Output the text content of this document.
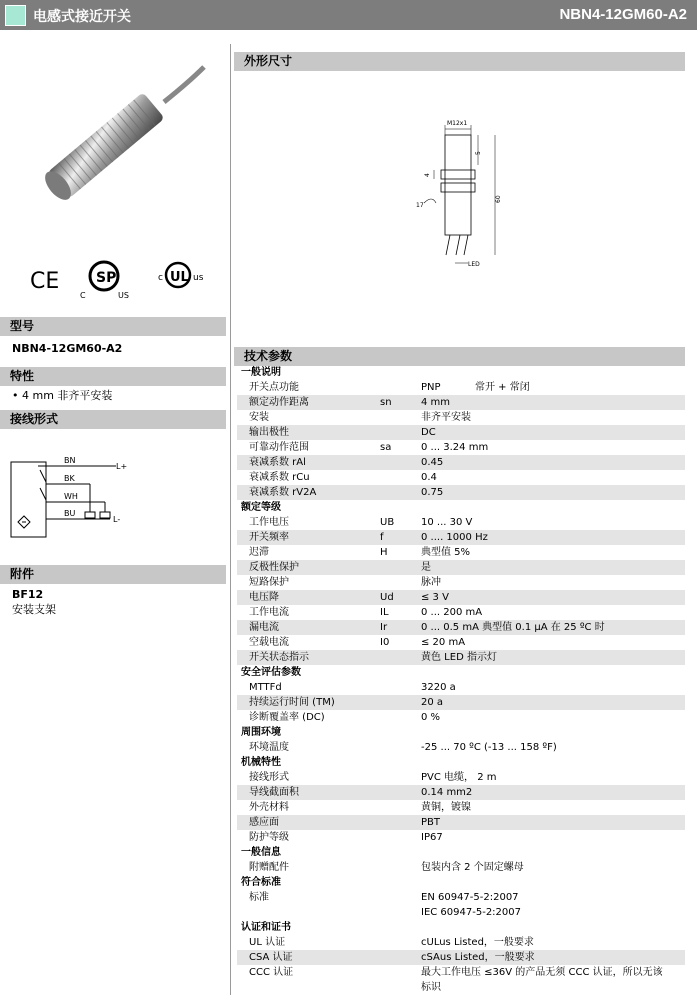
电感式接近开关	NBN4-12GM60-A2
CE	SP
C	US
c UL us
型号
NBN4-12GM60-A2
特性
• 4 mm 非齐平安装
接线形式
BN
BK
WH
BU
L+
L-
附件
BF12
安装支架
外形尺寸
M12x1
5
60
4
17
LED
技术参数
一般说明
开关点功能	PNP	常开 + 常闭
额定动作距离	sn	4 mm
安装	非齐平安装
输出极性	DC
可靠动作范围	sa	0 ... 3.24 mm
衰减系数 rAl	0.45
衰减系数 rCu	0.4
衰减系数 rV2A	0.75
额定等级
工作电压	UB	10 ... 30 V
开关频率	f	0 .... 1000 Hz
迟滞	H	典型值 5%
反极性保护	是
短路保护	脉冲
电压降	Ud	≤ 3 V
工作电流	IL	0 ... 200 mA
漏电流	Ir	0 ... 0.5 mA 典型值 0.1 µA 在 25 ºC 时
空载电流	I0	≤ 20 mA
开关状态指示	黄色 LED 指示灯
安全评估参数
MTTFd	3220 a
持续运行时间 (TM)	20 a
诊断覆盖率 (DC)	0 %
周围环境
环境温度	-25 ... 70 ºC (-13 ... 158 ºF)
机械特性
接线形式	PVC 电缆， 2 m
导线截面积	0.14 mm2
外壳材料	黄铜，镀镍
感应面	PBT
防护等级	IP67
一般信息
附赠配件	包装内含 2 个固定螺母
符合标准
标准	EN 60947-5-2:2007
IEC 60947-5-2:2007
认证和证书
UL 认证	cULus Listed，一般要求
CSA 认证	cSAus Listed，一般要求
CCC 认证	最大工作电压 ≤36V 的产品无须 CCC 认证，所以无该
标识
